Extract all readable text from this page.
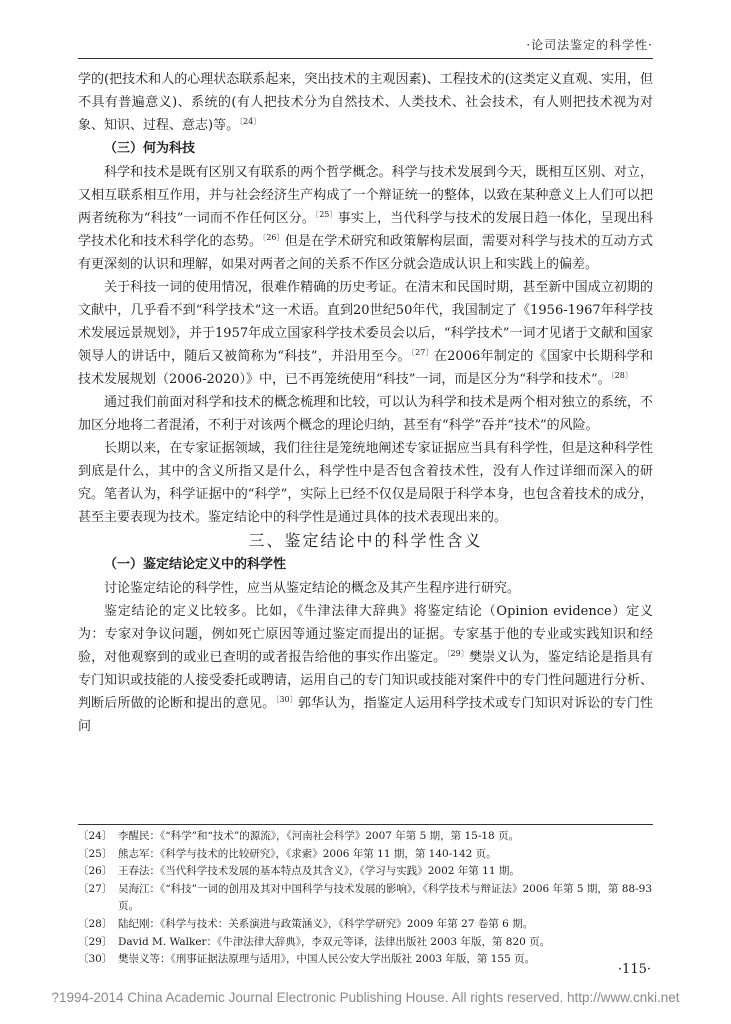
·论司法鉴定的科学性·

学的(把技术和人的心理状态联系起来，突出技术的主观因素)、工程技术的(这类定义直观、实用，但不具有普遍意义)、系统的(有人把技术分为自然技术、人类技术、社会技术，有人则把技术视为对象、知识、过程、意志)等。$^{〔24〕}$

（三）何为科技

科学和技术是既有区别又有联系的两个哲学概念。科学与技术发展到今天，既相互区别、对立，又相互联系相互作用，并与社会经济生产构成了一个辩证统一的整体，以致在某种意义上人们可以把两者统称为“科技”一词而不作任何区分。$^{〔25〕}$事实上，当代科学与技术的发展日趋一体化，呈现出科学技术化和技术科学化的态势。$^{〔26〕}$但是在学术研究和政策解构层面，需要对科学与技术的互动方式有更深刻的认识和理解，如果对两者之间的关系不作区分就会造成认识上和实践上的偏差。

关于科技一词的使用情况，很难作精确的历史考证。在清末和民国时期，甚至新中国成立初期的文献中，几乎看不到“科学技术”这一术语。直到20世纪50年代，我国制定了《1956-1967年科学技术发展远景规划》，并于1957年成立国家科学技术委员会以后，“科学技术”一词才见诸于文献和国家领导人的讲话中，随后又被简称为“科技”，并沿用至今。$^{〔27〕}$在2006年制定的《国家中长期科学和技术发展规划（2006-2020）》中，已不再笼统使用“科技”一词，而是区分为“科学和技术”。$^{〔28〕}$

通过我们前面对科学和技术的概念梳理和比较，可以认为科学和技术是两个相对独立的系统，不加区分地将二者混淆，不利于对该两个概念的理论归纳，甚至有“科学”吞并“技术”的风险。

长期以来，在专家证据领域，我们往往是笼统地阐述专家证据应当具有科学性，但是这种科学性到底是什么，其中的含义所指又是什么，科学性中是否包含着技术性，没有人作过详细而深入的研究。笔者认为，科学证据中的“科学”，实际上已经不仅仅是局限于科学本身，也包含着技术的成分，甚至主要表现为技术。鉴定结论中的科学性是通过具体的技术表现出来的。

三、鉴定结论中的科学性含义

（一）鉴定结论定义中的科学性

讨论鉴定结论的科学性，应当从鉴定结论的概念及其产生程序进行研究。

鉴定结论的定义比较多。比如，《牛津法律大辞典》将鉴定结论（Opinion evidence）定义为：专家对争议问题，例如死亡原因等通过鉴定而提出的证据。专家基于他的专业或实践知识和经验，对他观察到的或业已查明的或者报告给他的事实作出鉴定。$^{〔29〕}$樊崇义认为，鉴定结论是指具有专门知识或技能的人接受委托或聘请，运用自己的专门知识或技能对案件中的专门性问题进行分析、判断后所做的论断和提出的意见。$^{〔30〕}$郭华认为，指鉴定人运用科学技术或专门知识对诉讼的专门性问

〔24〕 李醒民：《“科学”和“技术”的源流》，《河南社会科学》2007 年第 5 期，第 15-18 页。
〔25〕 熊志军：《科学与技术的比较研究》，《求索》2006 年第 11 期，第 140-142 页。
〔26〕 王春法：《当代科学技术发展的基本特点及其含义》，《学习与实践》2002 年第 11 期。
〔27〕 吴海江：《“科技”一词的创用及其对中国科学与技术发展的影响》，《科学技术与辩证法》2006 年第 5 期，第 88-93 页。
〔28〕 陆纪刚：《科学与技术：关系演进与政策涵义》，《科学学研究》2009 年第 27 卷第 6 期。
〔29〕 David M. Walker：《牛津法律大辞典》，李双元等译，法律出版社 2003 年版，第 820 页。
〔30〕 樊崇义等：《刑事证据法原理与适用》，中国人民公安大学出版社 2003 年版，第 155 页。
·115·
?1994-2014 China Academic Journal Electronic Publishing House. All rights reserved. http://www.cnki.net
